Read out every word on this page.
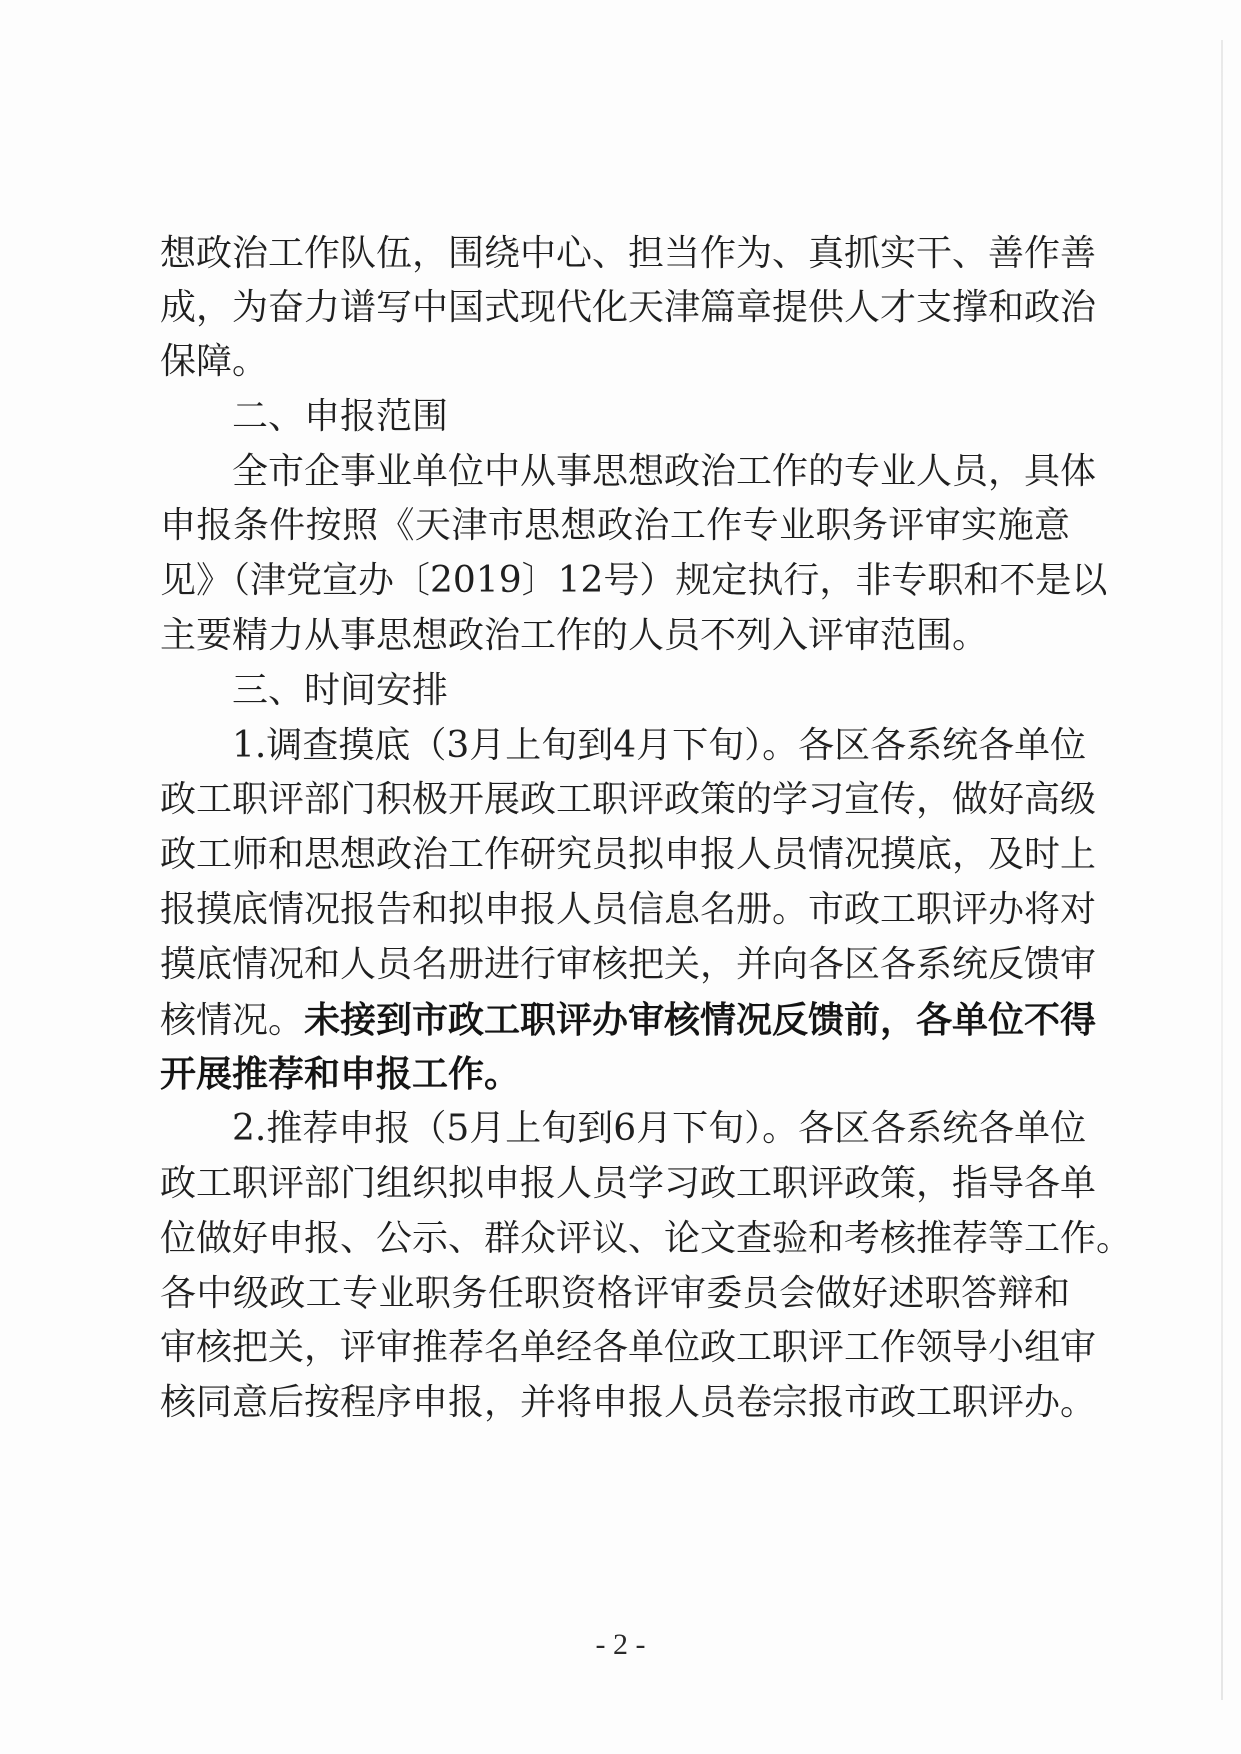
想政治工作队伍，围绕中心、担当作为、真抓实干、善作善
成，为奋力谱写中国式现代化天津篇章提供人才支撑和政治
保障。
二、申报范围
全市企事业单位中从事思想政治工作的专业人员，具体
申报条件按照《天津市思想政治工作专业职务评审实施意
见》（津党宣办〔2019〕12号）规定执行，非专职和不是以
主要精力从事思想政治工作的人员不列入评审范围。
三、时间安排
1.调查摸底（3月上旬到4月下旬）。各区各系统各单位
政工职评部门积极开展政工职评政策的学习宣传，做好高级
政工师和思想政治工作研究员拟申报人员情况摸底，及时上
报摸底情况报告和拟申报人员信息名册。市政工职评办将对
摸底情况和人员名册进行审核把关，并向各区各系统反馈审
核情况。未接到市政工职评办审核情况反馈前，各单位不得
开展推荐和申报工作。
2.推荐申报（5月上旬到6月下旬）。各区各系统各单位
政工职评部门组织拟申报人员学习政工职评政策，指导各单
位做好申报、公示、群众评议、论文查验和考核推荐等工作。
各中级政工专业职务任职资格评审委员会做好述职答辩和
审核把关，评审推荐名单经各单位政工职评工作领导小组审
核同意后按程序申报，并将申报人员卷宗报市政工职评办。
- 2 -
